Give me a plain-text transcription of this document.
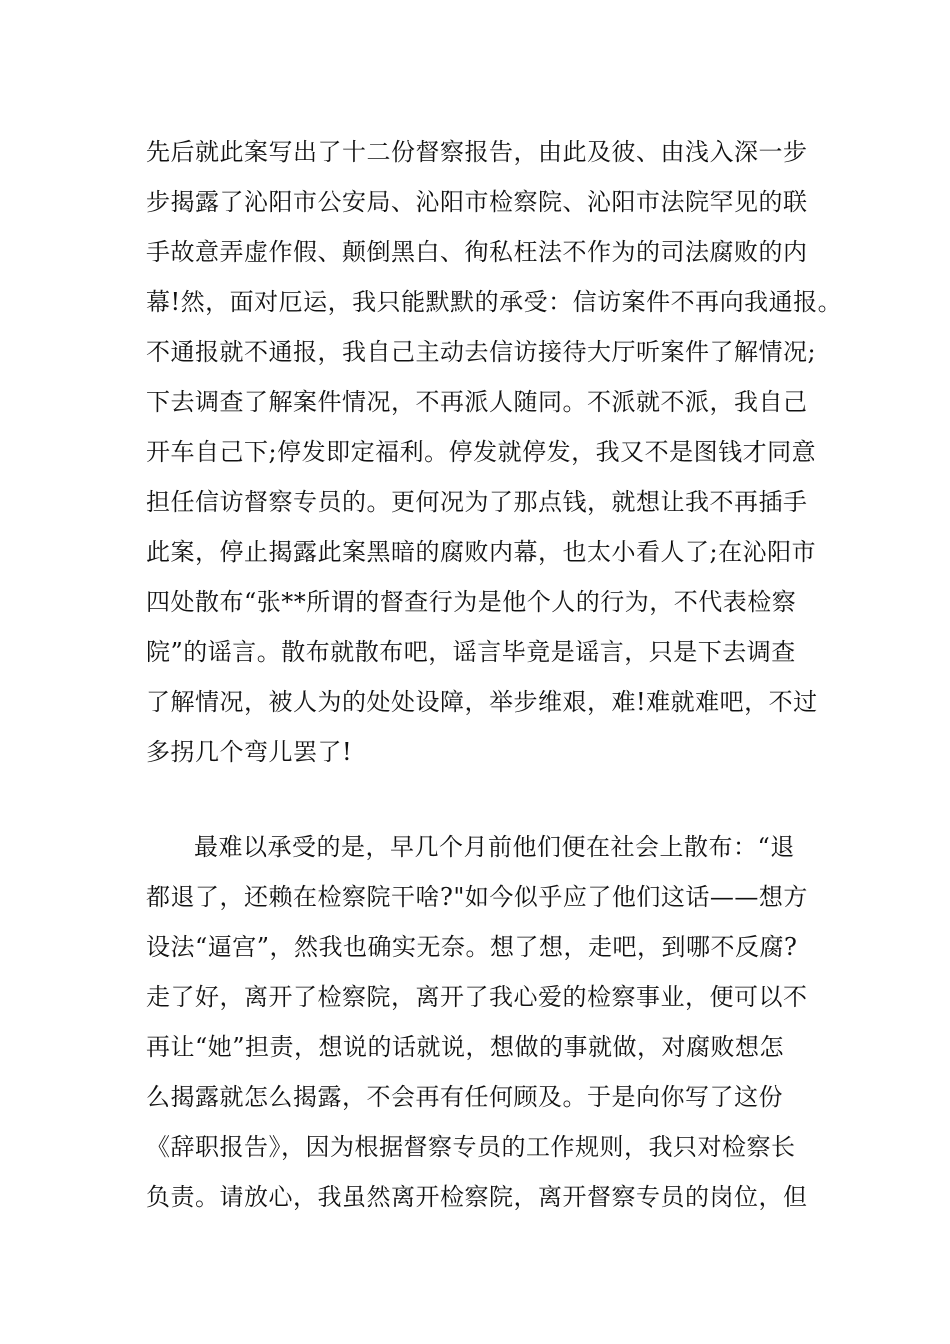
先后就此案写出了十二份督察报告，由此及彼、由浅入深一步
步揭露了沁阳市公安局、沁阳市检察院、沁阳市法院罕见的联
手故意弄虚作假、颠倒黑白、徇私枉法不作为的司法腐败的内
幕!然，面对厄运，我只能默默的承受：信访案件不再向我通报。
不通报就不通报，我自己主动去信访接待大厅听案件了解情况;
下去调查了解案件情况，不再派人随同。不派就不派，我自己
开车自己下;停发即定福利。停发就停发，我又不是图钱才同意
担任信访督察专员的。更何况为了那点钱，就想让我不再插手
此案，停止揭露此案黑暗的腐败内幕，也太小看人了;在沁阳市
四处散布“张**所谓的督查行为是他个人的行为，不代表检察
院”的谣言。散布就散布吧，谣言毕竟是谣言，只是下去调查
了解情况，被人为的处处设障，举步维艰，难!难就难吧，不过
多拐几个弯儿罢了!
最难以承受的是，早几个月前他们便在社会上散布：“退
都退了，还赖在检察院干啥?"如今似乎应了他们这话——想方
设法“逼宫”，然我也确实无奈。想了想，走吧，到哪不反腐?
走了好，离开了检察院，离开了我心爱的检察事业，便可以不
再让“她”担责，想说的话就说，想做的事就做，对腐败想怎
么揭露就怎么揭露，不会再有任何顾及。于是向你写了这份
《辞职报告》，因为根据督察专员的工作规则，我只对检察长
负责。请放心，我虽然离开检察院，离开督察专员的岗位，但
